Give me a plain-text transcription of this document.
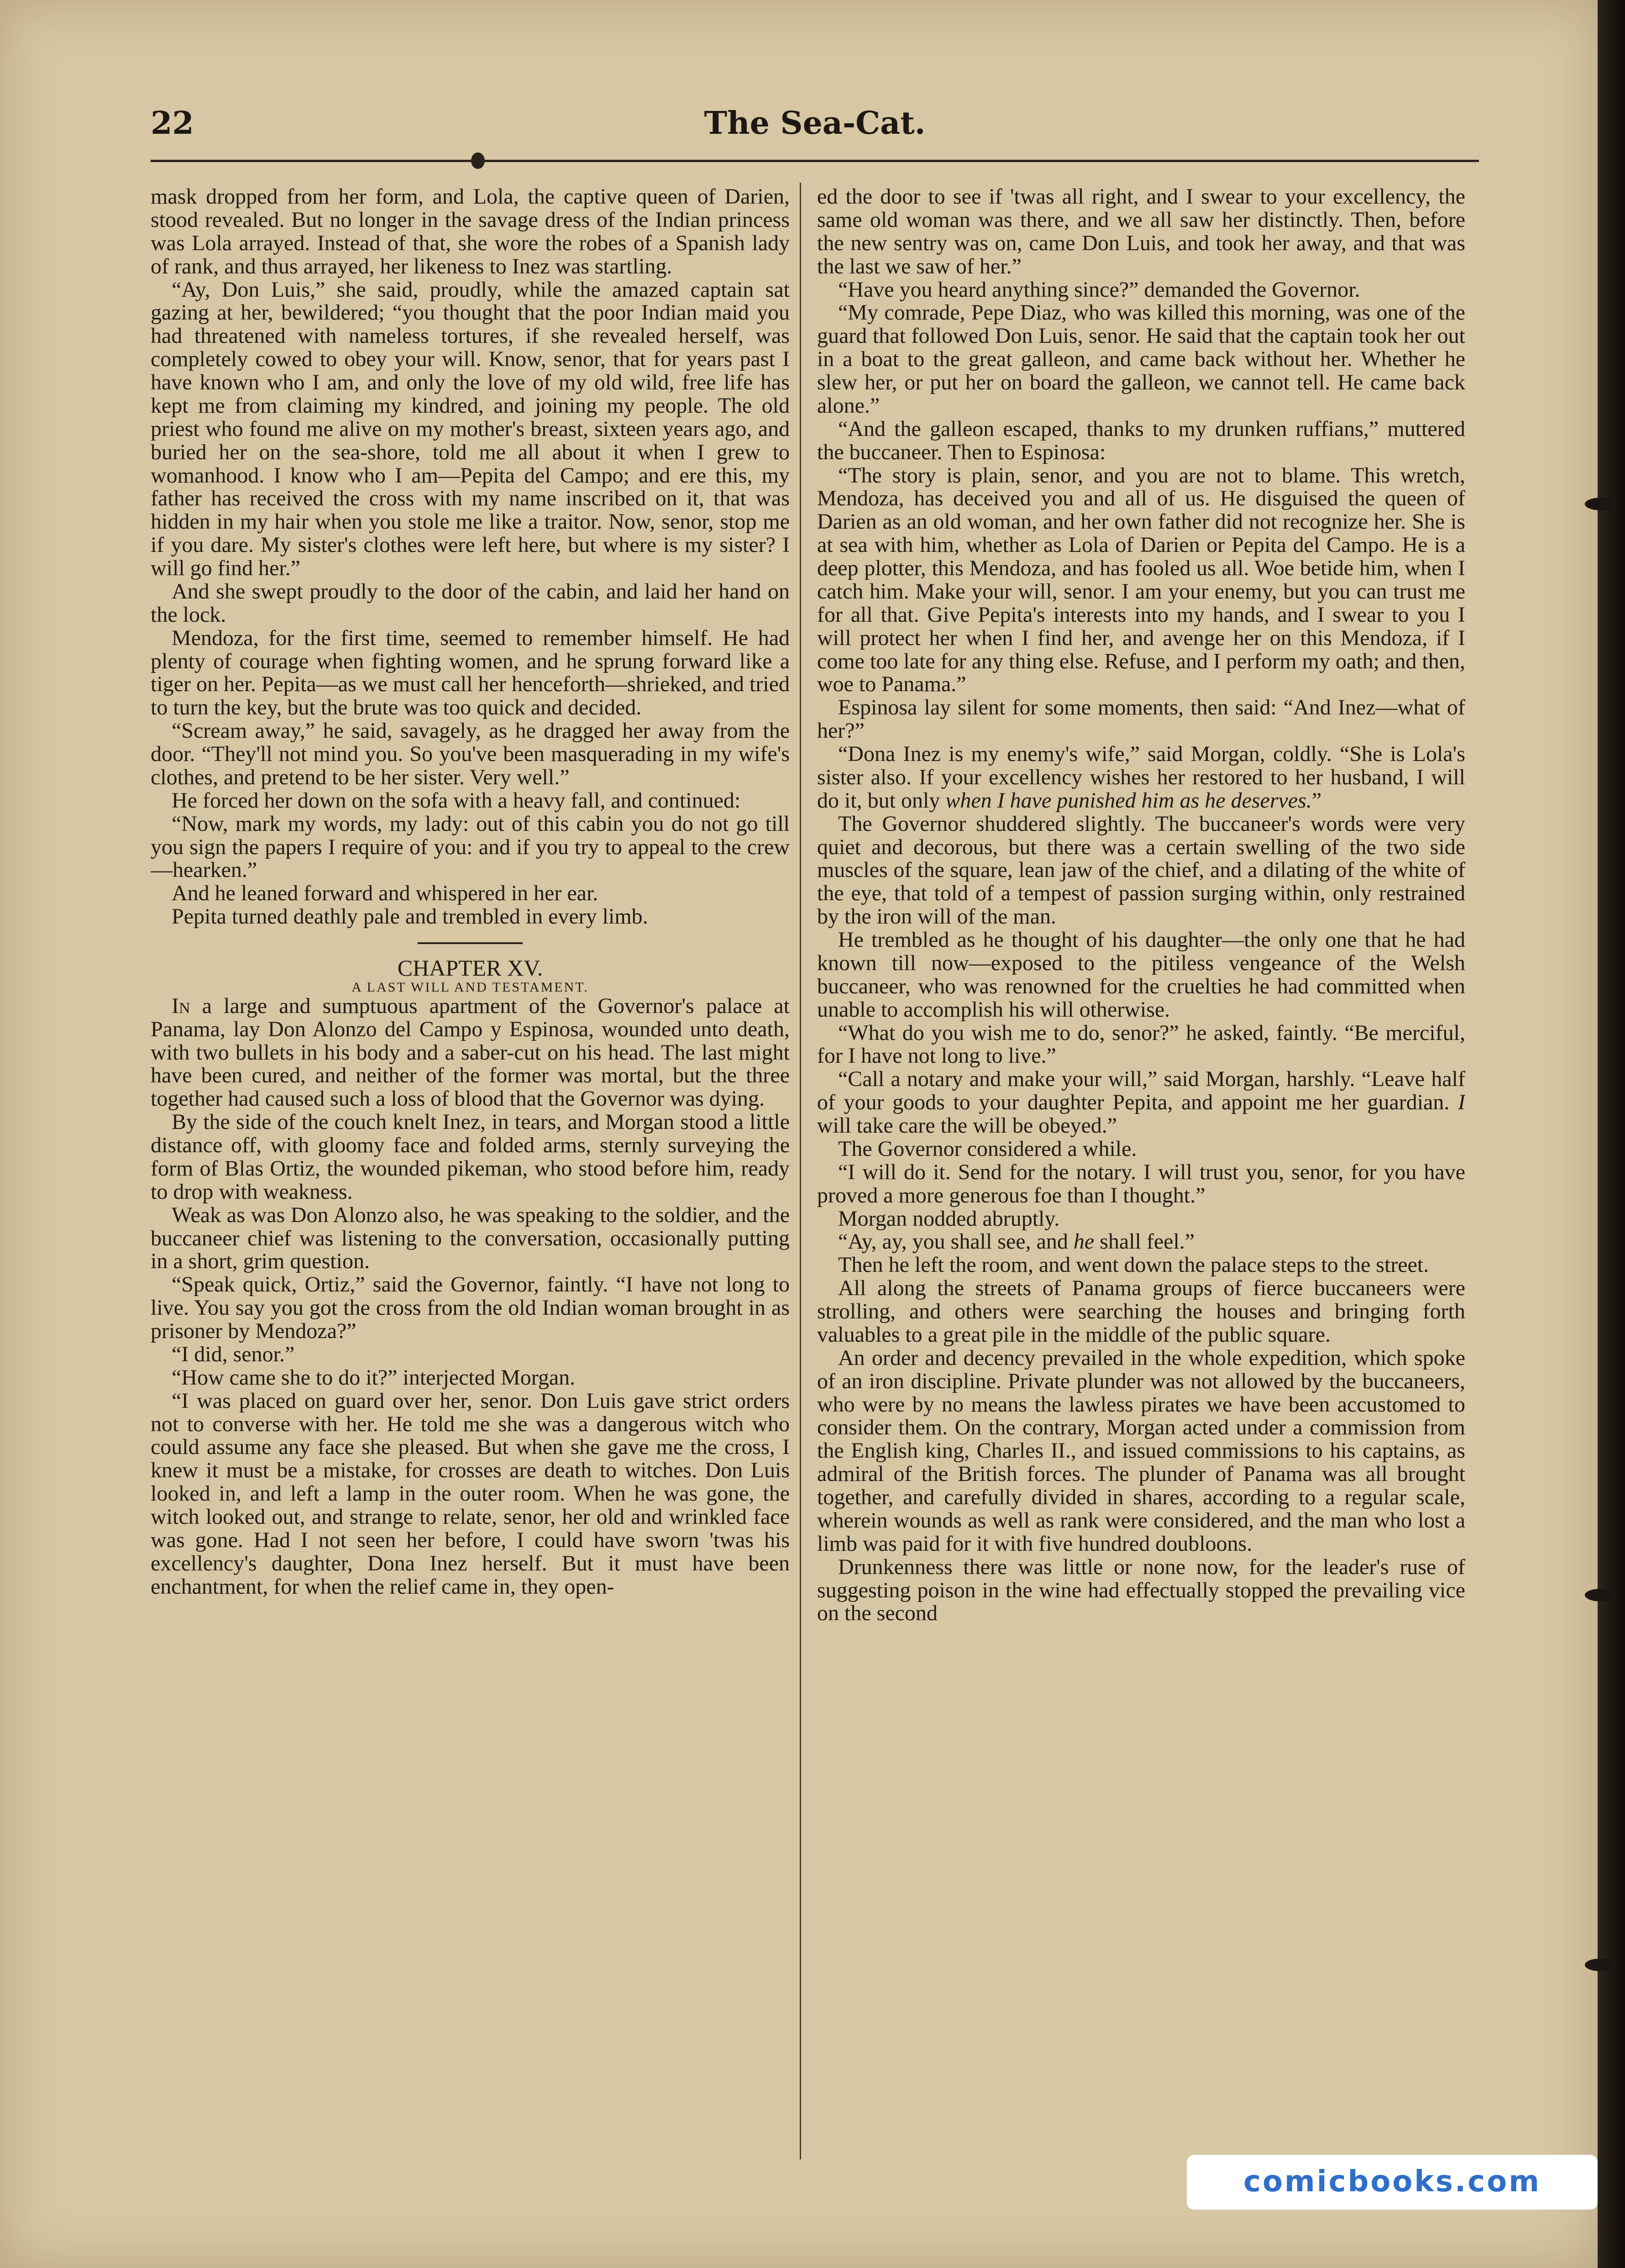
22	The Sea-Cat.

mask dropped from her form, and Lola, the captive queen of Darien, stood revealed. But no longer in the savage dress of the Indian princess was Lola arrayed. Instead of that, she wore the robes of a Spanish lady of rank, and thus arrayed, her likeness to Inez was startling.

“Ay, Don Luis,” she said, proudly, while the amazed captain sat gazing at her, bewildered; “you thought that the poor Indian maid you had threatened with nameless tortures, if she revealed herself, was completely cowed to obey your will. Know, senor, that for years past I have known who I am, and only the love of my old wild, free life has kept me from claiming my kindred, and joining my people. The old priest who found me alive on my mother's breast, sixteen years ago, and buried her on the sea-shore, told me all about it when I grew to womanhood. I know who I am—Pepita del Campo; and ere this, my father has received the cross with my name inscribed on it, that was hidden in my hair when you stole me like a traitor. Now, senor, stop me if you dare. My sister's clothes were left here, but where is my sister? I will go find her.”

And she swept proudly to the door of the cabin, and laid her hand on the lock.

Mendoza, for the first time, seemed to remember himself. He had plenty of courage when fighting women, and he sprung forward like a tiger on her. Pepita—as we must call her henceforth—shrieked, and tried to turn the key, but the brute was too quick and decided.

“Scream away,” he said, savagely, as he dragged her away from the door. “They'll not mind you. So you've been masquerading in my wife's clothes, and pretend to be her sister. Very well.”

He forced her down on the sofa with a heavy fall, and continued:

“Now, mark my words, my lady: out of this cabin you do not go till you sign the papers I require of you: and if you try to appeal to the crew—hearken.”

And he leaned forward and whispered in her ear.

Pepita turned deathly pale and trembled in every limb.

CHAPTER XV.

A LAST WILL AND TESTAMENT.

In a large and sumptuous apartment of the Governor's palace at Panama, lay Don Alonzo del Campo y Espinosa, wounded unto death, with two bullets in his body and a saber-cut on his head. The last might have been cured, and neither of the former was mortal, but the three together had caused such a loss of blood that the Governor was dying.

By the side of the couch knelt Inez, in tears, and Morgan stood a little distance off, with gloomy face and folded arms, sternly surveying the form of Blas Ortiz, the wounded pikeman, who stood before him, ready to drop with weakness.

Weak as was Don Alonzo also, he was speaking to the soldier, and the buccaneer chief was listening to the conversation, occasionally putting in a short, grim question.

“Speak quick, Ortiz,” said the Governor, faintly. “I have not long to live. You say you got the cross from the old Indian woman brought in as prisoner by Mendoza?”

“I did, senor.”

“How came she to do it?” interjected Morgan.

“I was placed on guard over her, senor. Don Luis gave strict orders not to converse with her. He told me she was a dangerous witch who could assume any face she pleased. But when she gave me the cross, I knew it must be a mistake, for crosses are death to witches. Don Luis looked in, and left a lamp in the outer room. When he was gone, the witch looked out, and strange to relate, senor, her old and wrinkled face was gone. Had I not seen her before, I could have sworn 'twas his excellency's daughter, Dona Inez herself. But it must have been enchantment, for when the relief came in, they open-

ed the door to see if 'twas all right, and I swear to your excellency, the same old woman was there, and we all saw her distinctly. Then, before the new sentry was on, came Don Luis, and took her away, and that was the last we saw of her.”

“Have you heard anything since?” demanded the Governor.

“My comrade, Pepe Diaz, who was killed this morning, was one of the guard that followed Don Luis, senor. He said that the captain took her out in a boat to the great galleon, and came back without her. Whether he slew her, or put her on board the galleon, we cannot tell. He came back alone.”

“And the galleon escaped, thanks to my drunken ruffians,” muttered the buccaneer. Then to Espinosa:

“The story is plain, senor, and you are not to blame. This wretch, Mendoza, has deceived you and all of us. He disguised the queen of Darien as an old woman, and her own father did not recognize her. She is at sea with him, whether as Lola of Darien or Pepita del Campo. He is a deep plotter, this Mendoza, and has fooled us all. Woe betide him, when I catch him. Make your will, senor. I am your enemy, but you can trust me for all that. Give Pepita's interests into my hands, and I swear to you I will protect her when I find her, and avenge her on this Mendoza, if I come too late for any thing else. Refuse, and I perform my oath; and then, woe to Panama.”

Espinosa lay silent for some moments, then said: “And Inez—what of her?”

“Dona Inez is my enemy's wife,” said Morgan, coldly. “She is Lola's sister also. If your excellency wishes her restored to her husband, I will do it, but only when I have punished him as he deserves.”

The Governor shuddered slightly. The buccaneer's words were very quiet and decorous, but there was a certain swelling of the two side muscles of the square, lean jaw of the chief, and a dilating of the white of the eye, that told of a tempest of passion surging within, only restrained by the iron will of the man.

He trembled as he thought of his daughter—the only one that he had known till now—exposed to the pitiless vengeance of the Welsh buccaneer, who was renowned for the cruelties he had committed when unable to accomplish his will otherwise.

“What do you wish me to do, senor?” he asked, faintly. “Be merciful, for I have not long to live.”

“Call a notary and make your will,” said Morgan, harshly. “Leave half of your goods to your daughter Pepita, and appoint me her guardian. I will take care the will be obeyed.”

The Governor considered a while.

“I will do it. Send for the notary. I will trust you, senor, for you have proved a more generous foe than I thought.”

Morgan nodded abruptly.

“Ay, ay, you shall see, and he shall feel.”

Then he left the room, and went down the palace steps to the street.

All along the streets of Panama groups of fierce buccaneers were strolling, and others were searching the houses and bringing forth valuables to a great pile in the middle of the public square.

An order and decency prevailed in the whole expedition, which spoke of an iron discipline. Private plunder was not allowed by the buccaneers, who were by no means the lawless pirates we have been accustomed to consider them. On the contrary, Morgan acted under a commission from the English king, Charles II., and issued commissions to his captains, as admiral of the British forces. The plunder of Panama was all brought together, and carefully divided in shares, according to a regular scale, wherein wounds as well as rank were considered, and the man who lost a limb was paid for it with five hundred doubloons.

Drunkenness there was little or none now, for the leader's ruse of suggesting poison in the wine had effectually stopped the prevailing vice on the second

comicbooks.com
